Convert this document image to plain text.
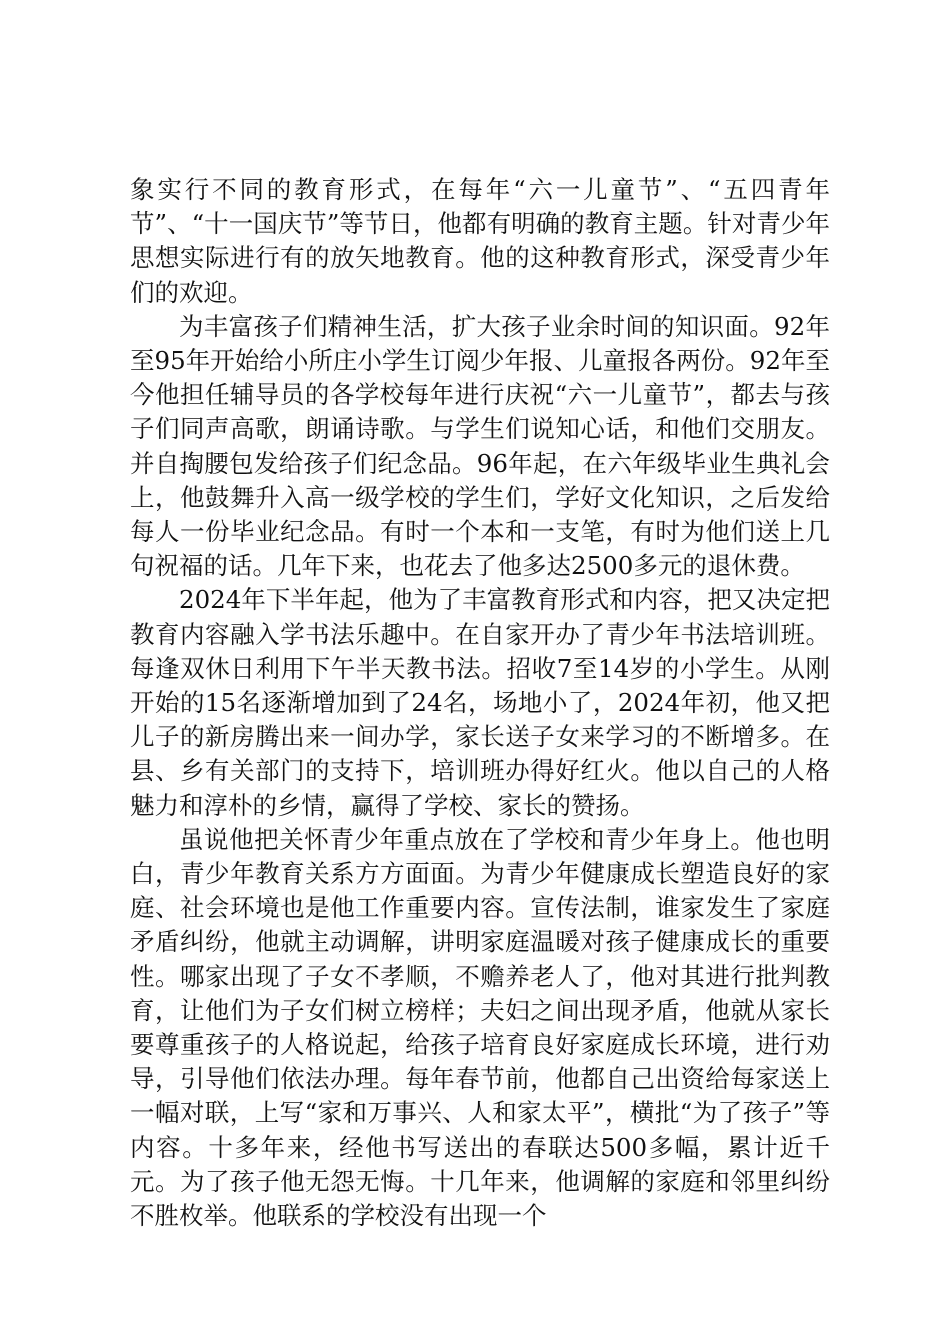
象实行不同的教育形式，在每年“六一儿童节”、“五四青年节”、“十一国庆节”等节日，他都有明确的教育主题。针对青少年思想实际进行有的放矢地教育。他的这种教育形式，深受青少年们的欢迎。

为丰富孩子们精神生活，扩大孩子业余时间的知识面。92年至95年开始给小所庄小学生订阅少年报、儿童报各两份。92年至今他担任辅导员的各学校每年进行庆祝“六一儿童节”，都去与孩子们同声高歌，朗诵诗歌。与学生们说知心话，和他们交朋友。并自掏腰包发给孩子们纪念品。96年起，在六年级毕业生典礼会上，他鼓舞升入高一级学校的学生们，学好文化知识，之后发给每人一份毕业纪念品。有时一个本和一支笔，有时为他们送上几句祝福的话。几年下来，也花去了他多达2500多元的退休费。

2024年下半年起，他为了丰富教育形式和内容，把又决定把教育内容融入学书法乐趣中。在自家开办了青少年书法培训班。每逢双休日利用下午半天教书法。招收7至14岁的小学生。从刚开始的15名逐渐增加到了24名，场地小了，2024年初，他又把儿子的新房腾出来一间办学，家长送子女来学习的不断增多。在县、乡有关部门的支持下，培训班办得好红火。他以自己的人格魅力和淳朴的乡情，赢得了学校、家长的赞扬。

虽说他把关怀青少年重点放在了学校和青少年身上。他也明白，青少年教育关系方方面面。为青少年健康成长塑造良好的家庭、社会环境也是他工作重要内容。宣传法制，谁家发生了家庭矛盾纠纷，他就主动调解，讲明家庭温暖对孩子健康成长的重要性。哪家出现了子女不孝顺，不赡养老人了，他对其进行批判教育，让他们为子女们树立榜样；夫妇之间出现矛盾，他就从家长要尊重孩子的人格说起，给孩子培育良好家庭成长环境，进行劝导，引导他们依法办理。每年春节前，他都自己出资给每家送上一幅对联，上写“家和万事兴、人和家太平”，横批“为了孩子”等内容。十多年来，经他书写送出的春联达500多幅，累计近千元。为了孩子他无怨无悔。十几年来，他调解的家庭和邻里纠纷不胜枚举。他联系的学校没有出现一个
